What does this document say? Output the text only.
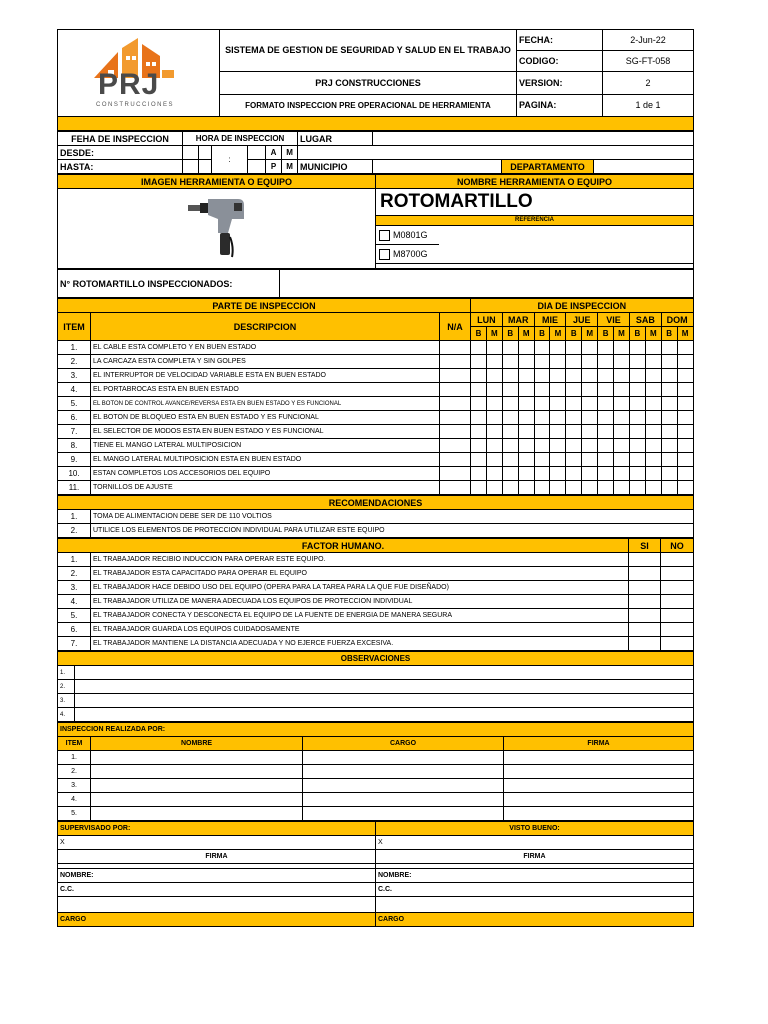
PRJ
CONSTRUCCIONES	SISTEMA DE GESTION DE SEGURIDAD Y SALUD EN EL TRABAJO	FECHA:	2-Jun-22
		CODIGO:	SG-FT-058
	PRJ CONSTRUCCIONES	VERSION:	2
	FORMATO INSPECCION PRE OPERACIONAL DE HERRAMIENTA	PAGINA:	1 de 1

FEHA DE INSPECCION	HORA DE INSPECCION						LUGAR			
DESDE:			:		A	M				
HASTA:					P	M	MUNICIPIO		DEPARTAMENTO	
IMAGEN HERRAMIENTA O EQUIPO	NOMBRE HERRAMIENTA O EQUIPO

ROTOMARTILLO
REFERENCIA
M0801G
M8700G

N° ROTOMARTILLO INSPECCIONADOS:	
PARTE DE INSPECCION			DIA DE INSPECCION													
ITEM	DESCRIPCION	N/A	LUN		MAR		MIE		JUE		VIE		SAB		DOM	
			B	M	B	M	B	M	B	M	B	M	B	M	B	M
1.	EL CABLE ESTA COMPLETO Y EN BUEN ESTADO															
2.	LA CARCAZA ESTA COMPLETA Y SIN GOLPES															
3.	EL INTERRUPTOR DE VELOCIDAD VARIABLE ESTA EN BUEN ESTADO															
4.	EL PORTABROCAS ESTA EN BUEN ESTADO															
5.	EL BOTON DE CONTROL AVANCE/REVERSA ESTA EN BUEN ESTADO Y ES FUNCIONAL															
6.	EL BOTON DE BLOQUEO ESTA EN BUEN ESTADO Y ES FUNCIONAL															
7.	EL SELECTOR DE MODOS ESTA EN BUEN ESTADO Y ES FUNCIONAL															
8.	TIENE EL MANGO LATERAL MULTIPOSICION															
9.	EL MANGO LATERAL MULTIPOSICION ESTA EN BUEN ESTADO															
10.	ESTAN COMPLETOS LOS ACCESORIOS DEL EQUIPO															
11.	TORNILLOS DE AJUSTE															
RECOMENDACIONES	
1.	TOMA DE ALIMENTACION DEBE SER DE 110 VOLTIOS
2.	UTILICE LOS ELEMENTOS DE PROTECCION INDIVIDUAL PARA UTILIZAR ESTE EQUIPO
FACTOR HUMANO.		SI	NO
1.	EL TRABAJADOR RECIBIO INDUCCION PARA OPERAR ESTE EQUIPO.		
2.	EL TRABAJADOR ESTA CAPACITADO PARA OPERAR EL EQUIPO		
3.	EL TRABAJADOR HACE DEBIDO USO DEL EQUIPO (OPERA PARA LA TAREA PARA LA QUE FUE DISEÑADO)		
4.	EL TRABAJADOR UTILIZA DE MANERA ADECUADA LOS EQUIPOS DE PROTECCION INDIVIDUAL		
5.	EL TRABAJADOR CONECTA Y DESCONECTA EL EQUIPO DE LA FUENTE DE ENERGIA DE MANERA SEGURA		
6.	EL TRABAJADOR GUARDA LOS EQUIPOS CUIDADOSAMENTE		
7.	EL TRABAJADOR MANTIENE LA DISTANCIA ADECUADA Y NO EJERCE FUERZA EXCESIVA.		
OBSERVACIONES	
1.	
2.	
3.	
4.	
INSPECCION REALIZADA POR:			
ITEM	NOMBRE	CARGO	FIRMA
1.			
2.			
3.			
4.			
5.			
SUPERVISADO POR:	VISTO BUENO:
X	X
FIRMA	FIRMA

NOMBRE:	NOMBRE:
C.C.	C.C.

CARGO	CARGO
